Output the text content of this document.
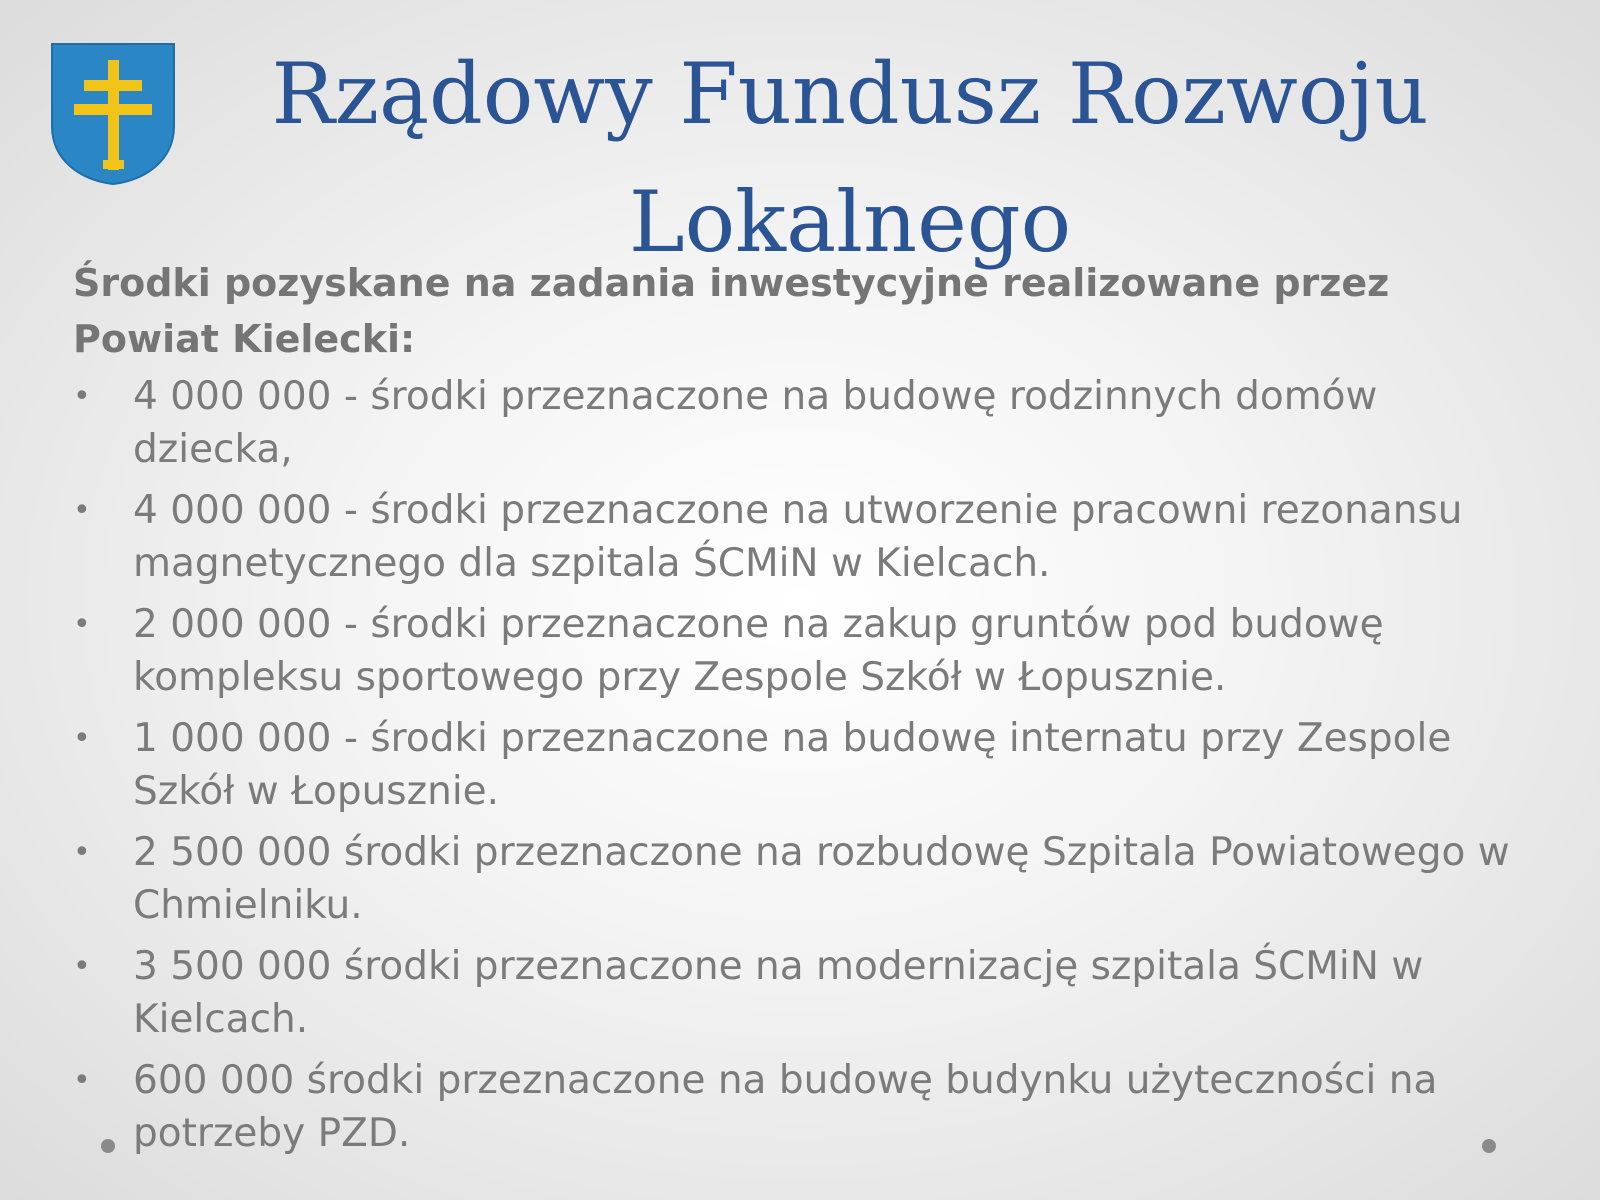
Rządowy Fundusz Rozwoju Lokalnego

Środki pozyskane na zadania inwestycyjne realizowane przez Powiat Kielecki:

• 4 000 000 - środki przeznaczone na budowę rodzinnych domów dziecka,
• 4 000 000 - środki przeznaczone na utworzenie pracowni rezonansu magnetycznego dla szpitala ŚCMiN w Kielcach.
• 2 000 000 - środki przeznaczone na zakup gruntów pod budowę kompleksu sportowego przy Zespole Szkół w Łopusznie.
• 1 000 000 - środki przeznaczone na budowę internatu przy Zespole Szkół w Łopusznie.
• 2 500 000 środki przeznaczone na rozbudowę Szpitala Powiatowego w Chmielniku.
• 3 500 000 środki przeznaczone na modernizację szpitala ŚCMiN w Kielcach.
• 600 000 środki przeznaczone na budowę budynku użyteczności na potrzeby PZD.
